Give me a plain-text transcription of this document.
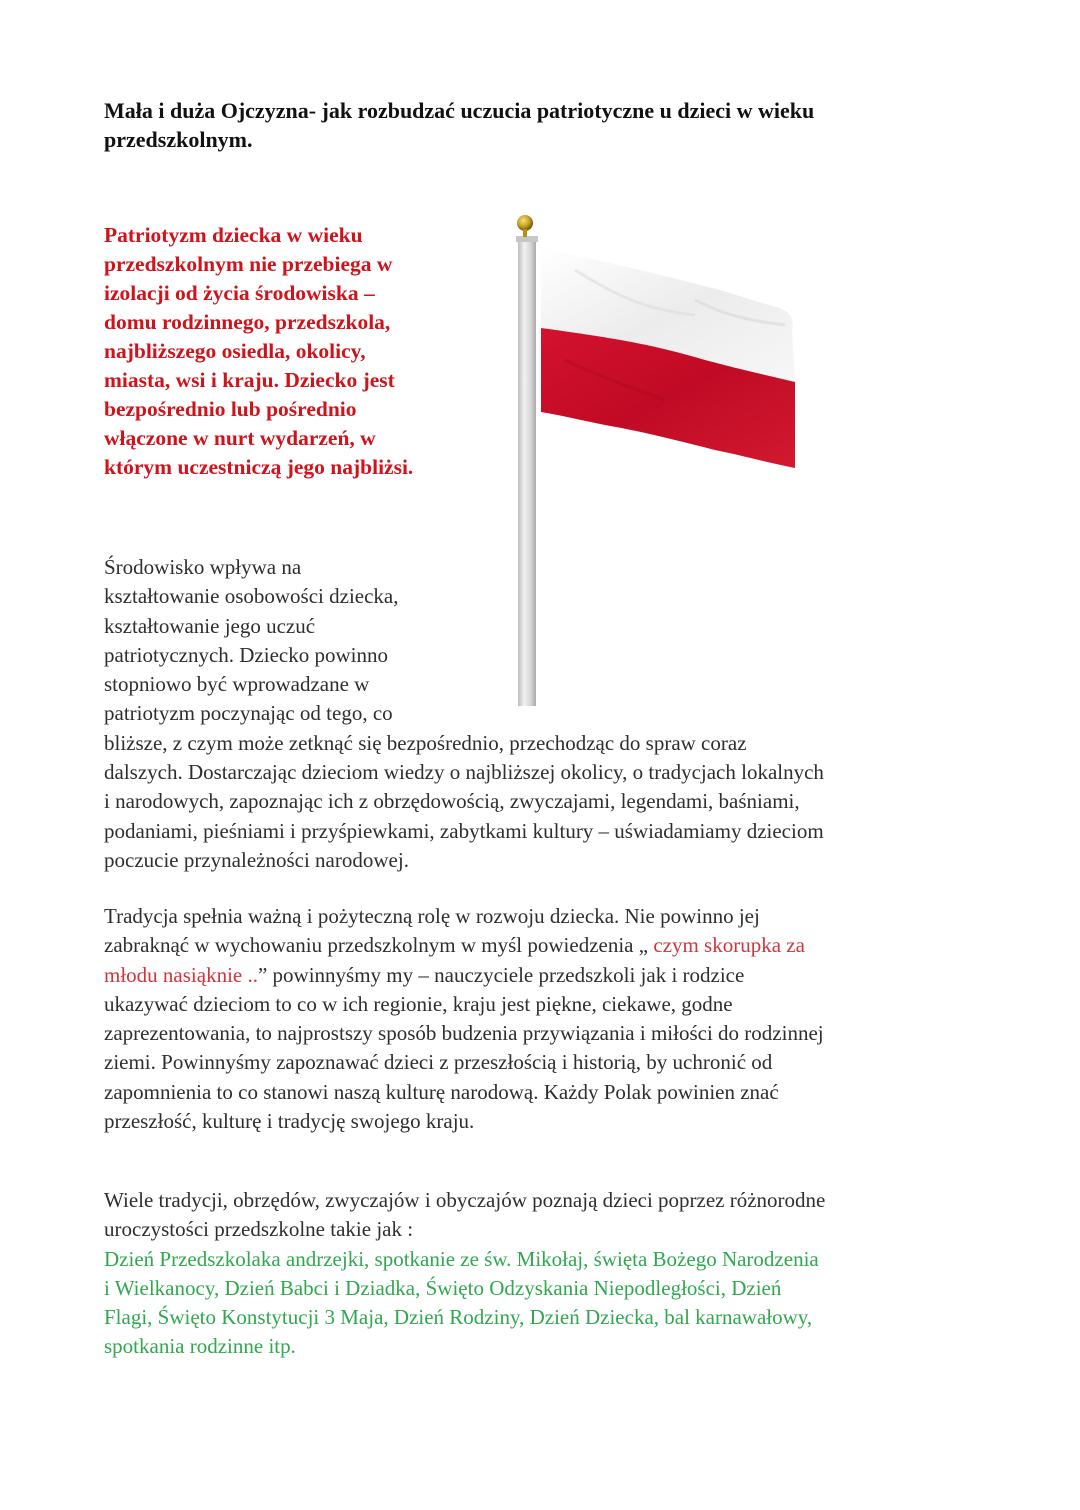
Mała i duża Ojczyzna- jak rozbudzać uczucia patriotyczne u dzieci w wieku przedszkolnym.
Patriotyzm dziecka w wieku
przedszkolnym nie przebiega w
izolacji od życia środowiska –
domu rodzinnego, przedszkola,
najbliższego osiedla, okolicy,
miasta, wsi i kraju. Dziecko jest
bezpośrednio lub pośrednio
włączone w nurt wydarzeń, w
którym uczestniczą jego najbliżsi.
Środowisko wpływa na
kształtowanie osobowości dziecka,
kształtowanie jego uczuć
patriotycznych. Dziecko powinno
stopniowo być wprowadzane w
patriotyzm poczynając od tego, co
bliższe, z czym może zetknąć się bezpośrednio, przechodząc do spraw coraz
dalszych. Dostarczając dzieciom wiedzy o najbliższej okolicy, o tradycjach lokalnych
i narodowych, zapoznając ich z obrzędowością, zwyczajami, legendami, baśniami,
podaniami, pieśniami i przyśpiewkami, zabytkami kultury – uświadamiamy dzieciom
poczucie przynależności narodowej.
Tradycja spełnia ważną i pożyteczną rolę w rozwoju dziecka. Nie powinno jej
zabraknąć w wychowaniu przedszkolnym w myśl powiedzenia „ czym skorupka za
młodu nasiąknie ..” powinnyśmy my – nauczyciele przedszkoli jak i rodzice
ukazywać dzieciom to co w ich regionie, kraju jest piękne, ciekawe, godne
zaprezentowania, to najprostszy sposób budzenia przywiązania i miłości do rodzinnej
ziemi. Powinnyśmy zapoznawać dzieci z przeszłością i historią, by uchronić od
zapomnienia to co stanowi naszą kulturę narodową. Każdy Polak powinien znać
przeszłość, kulturę i tradycję swojego kraju.
Wiele tradycji, obrzędów, zwyczajów i obyczajów poznają dzieci poprzez różnorodne
uroczystości przedszkolne takie jak :
Dzień Przedszkolaka andrzejki, spotkanie ze św. Mikołaj, święta Bożego Narodzenia
i Wielkanocy, Dzień Babci i Dziadka, Święto Odzyskania Niepodległości, Dzień
Flagi, Święto Konstytucji 3 Maja, Dzień Rodziny, Dzień Dziecka, bal karnawałowy,
spotkania rodzinne itp.
